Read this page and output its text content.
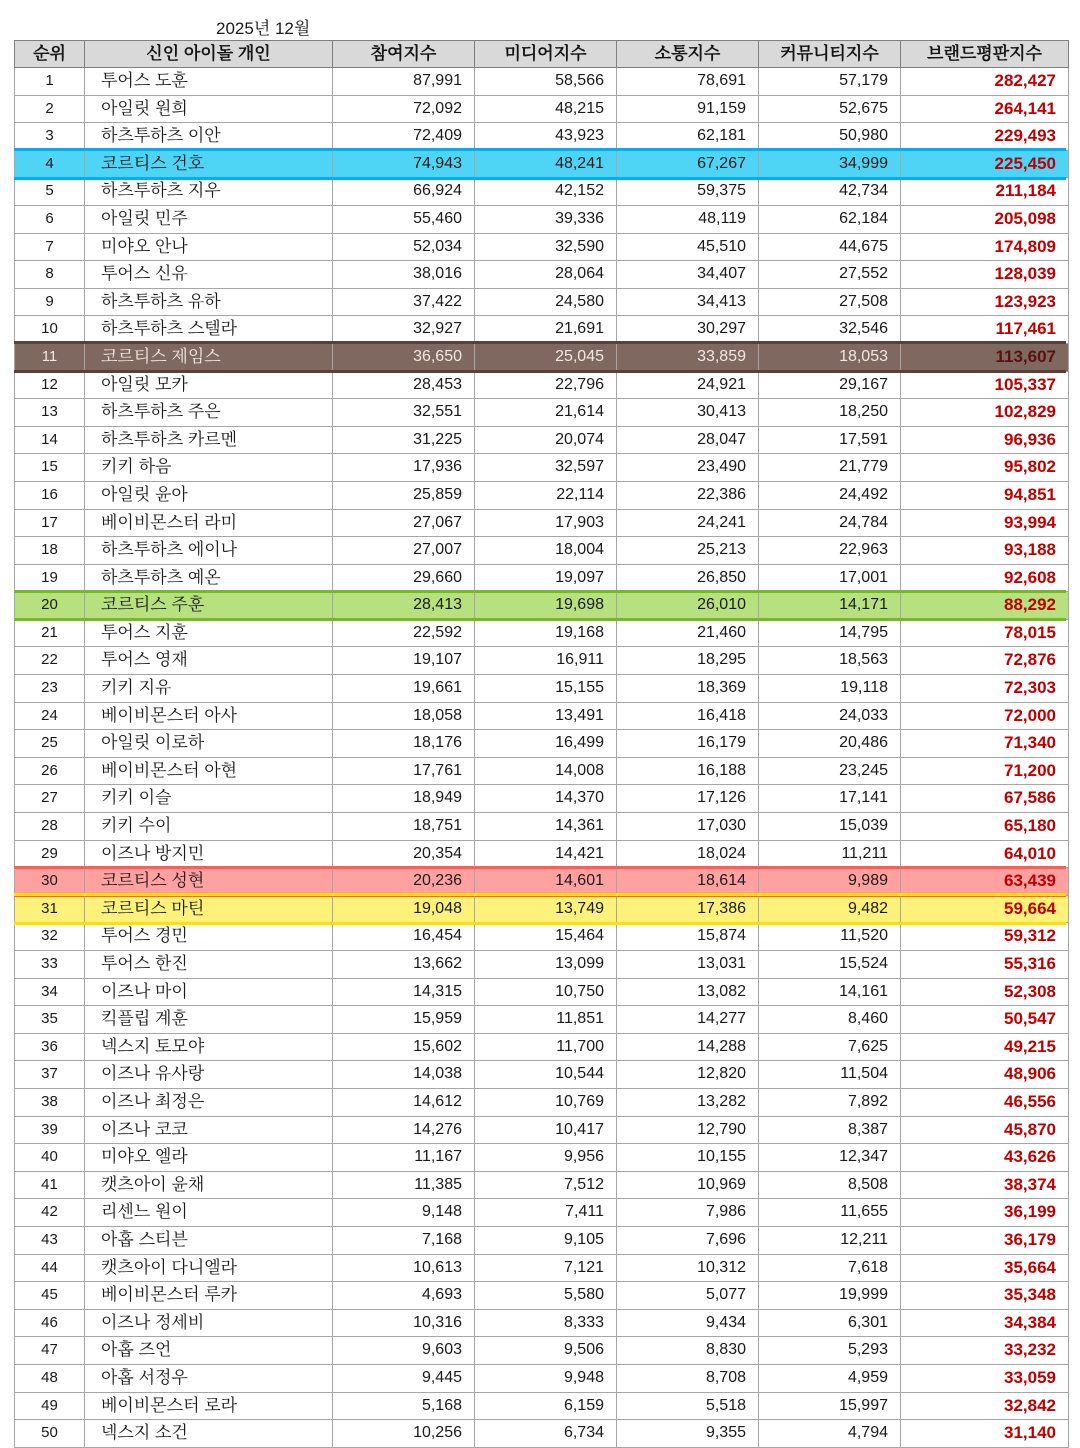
2025년 12월
순위	신인 아이돌 개인	참여지수	미디어지수	소통지수	커뮤니티지수	브랜드평판지수
1	투어스 도훈	87,991	58,566	78,691	57,179	282,427
2	아일릿 원희	72,092	48,215	91,159	52,675	264,141
3	하츠투하츠 이안	72,409	43,923	62,181	50,980	229,493
4	코르티스 건호	74,943	48,241	67,267	34,999	225,450
5	하츠투하츠 지우	66,924	42,152	59,375	42,734	211,184
6	아일릿 민주	55,460	39,336	48,119	62,184	205,098
7	미야오 안나	52,034	32,590	45,510	44,675	174,809
8	투어스 신유	38,016	28,064	34,407	27,552	128,039
9	하츠투하츠 유하	37,422	24,580	34,413	27,508	123,923
10	하츠투하츠 스텔라	32,927	21,691	30,297	32,546	117,461
11	코르티스 제임스	36,650	25,045	33,859	18,053	113,607
12	아일릿 모카	28,453	22,796	24,921	29,167	105,337
13	하츠투하츠 주은	32,551	21,614	30,413	18,250	102,829
14	하츠투하츠 카르멘	31,225	20,074	28,047	17,591	96,936
15	키키 하음	17,936	32,597	23,490	21,779	95,802
16	아일릿 윤아	25,859	22,114	22,386	24,492	94,851
17	베이비몬스터 라미	27,067	17,903	24,241	24,784	93,994
18	하츠투하츠 에이나	27,007	18,004	25,213	22,963	93,188
19	하츠투하츠 예온	29,660	19,097	26,850	17,001	92,608
20	코르티스 주훈	28,413	19,698	26,010	14,171	88,292
21	투어스 지훈	22,592	19,168	21,460	14,795	78,015
22	투어스 영재	19,107	16,911	18,295	18,563	72,876
23	키키 지유	19,661	15,155	18,369	19,118	72,303
24	베이비몬스터 아사	18,058	13,491	16,418	24,033	72,000
25	아일릿 이로하	18,176	16,499	16,179	20,486	71,340
26	베이비몬스터 아현	17,761	14,008	16,188	23,245	71,200
27	키키 이슬	18,949	14,370	17,126	17,141	67,586
28	키키 수이	18,751	14,361	17,030	15,039	65,180
29	이즈나 방지민	20,354	14,421	18,024	11,211	64,010
30	코르티스 성현	20,236	14,601	18,614	9,989	63,439
31	코르티스 마틴	19,048	13,749	17,386	9,482	59,664
32	투어스 경민	16,454	15,464	15,874	11,520	59,312
33	투어스 한진	13,662	13,099	13,031	15,524	55,316
34	이즈나 마이	14,315	10,750	13,082	14,161	52,308
35	킥플립 계훈	15,959	11,851	14,277	8,460	50,547
36	넥스지 토모야	15,602	11,700	14,288	7,625	49,215
37	이즈나 유사랑	14,038	10,544	12,820	11,504	48,906
38	이즈나 최정은	14,612	10,769	13,282	7,892	46,556
39	이즈나 코코	14,276	10,417	12,790	8,387	45,870
40	미야오 엘라	11,167	9,956	10,155	12,347	43,626
41	캣츠아이 윤채	11,385	7,512	10,969	8,508	38,374
42	리센느 원이	9,148	7,411	7,986	11,655	36,199
43	아홉 스티븐	7,168	9,105	7,696	12,211	36,179
44	캣츠아이 다니엘라	10,613	7,121	10,312	7,618	35,664
45	베이비몬스터 루카	4,693	5,580	5,077	19,999	35,348
46	이즈나 정세비	10,316	8,333	9,434	6,301	34,384
47	아홉 즈언	9,603	9,506	8,830	5,293	33,232
48	아홉 서정우	9,445	9,948	8,708	4,959	33,059
49	베이비몬스터 로라	5,168	6,159	5,518	15,997	32,842
50	넥스지 소건	10,256	6,734	9,355	4,794	31,140
